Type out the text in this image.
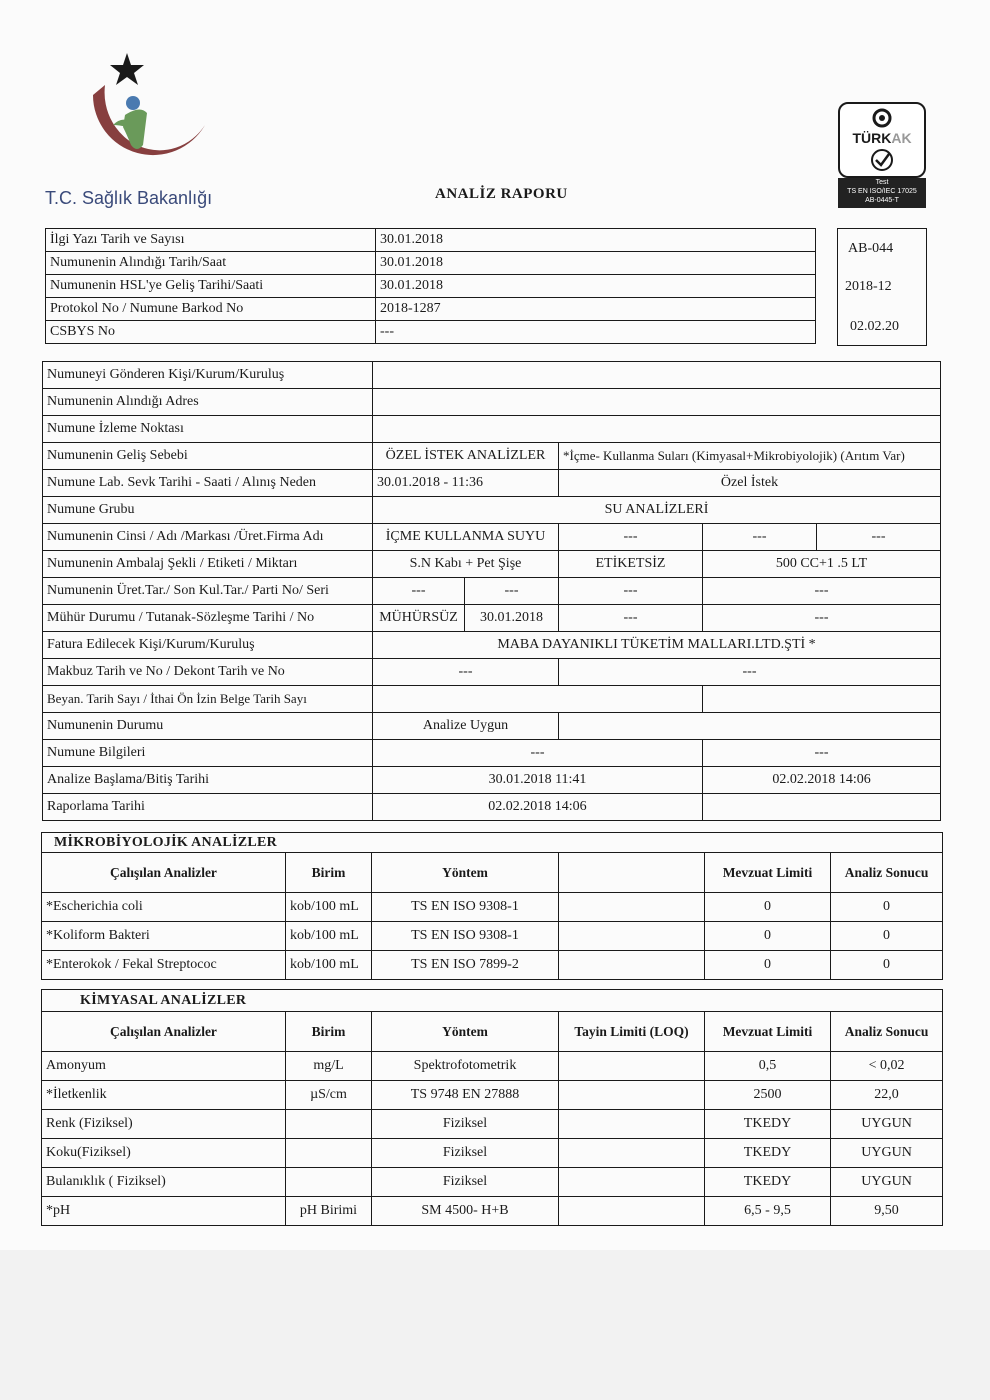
T.C. Sağlık Bakanlığı	ANALİZ RAPORU
TÜRKAK
Test
TS EN ISO/IEC 17025
AB-0445-T
İlgi Yazı Tarih ve Sayısı	30.01.2018
Numunenin Alındığı Tarih/Saat	30.01.2018
Numunenin HSL'ye Geliş Tarihi/Saati	30.01.2018
Protokol No / Numune Barkod No	2018-1287
CSBYS No	---
AB-044
2018-12
02.02.20
Numuneyi Gönderen Kişi/Kurum/Kuruluş					
Numunenin Alındığı Adres					
Numune İzleme Noktası					
Numunenin Geliş Sebebi	ÖZEL İSTEK ANALİZLER		*İçme- Kullanma Suları (Kimyasal+Mikrobiyolojik) (Arıtım Var)		
Numune Lab. Sevk Tarihi - Saati / Alınış Neden	30.01.2018 - 11:36		Özel İstek		
Numune Grubu	SU ANALİZLERİ				
Numunenin Cinsi / Adı /Markası /Üret.Firma Adı	İÇME KULLANMA SUYU		---	---	---
Numunenin Ambalaj Şekli / Etiketi / Miktarı	S.N Kabı + Pet Şişe		ETİKETSİZ	500 CC+1 .5 LT	
Numunenin Üret.Tar./ Son Kul.Tar./ Parti No/ Seri	---	---	---	---	
Mühür Durumu / Tutanak-Sözleşme Tarihi / No	MÜHÜRSÜZ	30.01.2018	---	---	
Fatura Edilecek Kişi/Kurum/Kuruluş	MABA DAYANIKLI TÜKETİM MALLARI.LTD.ŞTİ *				
Makbuz Tarih ve No / Dekont Tarih ve No	---		---		
Beyan. Tarih Sayı / İthai Ön İzin Belge Tarih Sayı					
Numunenin Durumu	Analize Uygun				
Numune Bilgileri	---			---	
Analize Başlama/Bitiş Tarihi	30.01.2018 11:41			02.02.2018 14:06	
Raporlama Tarihi	02.02.2018 14:06				
MİKROBİYOLOJİK ANALİZLER					
Çalışılan Analizler	Birim	Yöntem		Mevzuat Limiti	Analiz Sonucu
*Escherichia coli	kob/100 mL	TS EN ISO 9308-1		0	0
*Koliform Bakteri	kob/100 mL	TS EN ISO 9308-1		0	0
*Enterokok / Fekal Streptococ	kob/100 mL	TS EN ISO 7899-2		0	0
KİMYASAL ANALİZLER					
Çalışılan Analizler	Birim	Yöntem	Tayin Limiti (LOQ)	Mevzuat Limiti	Analiz Sonucu
Amonyum	mg/L	Spektrofotometrik		0,5	< 0,02
*İletkenlik	µS/cm	TS 9748 EN 27888		2500	22,0
Renk (Fiziksel)		Fiziksel		TKEDY	UYGUN
Koku(Fiziksel)		Fiziksel		TKEDY	UYGUN
Bulanıklık ( Fiziksel)		Fiziksel		TKEDY	UYGUN
*pH	pH Birimi	SM 4500- H+B		6,5 - 9,5	9,50
